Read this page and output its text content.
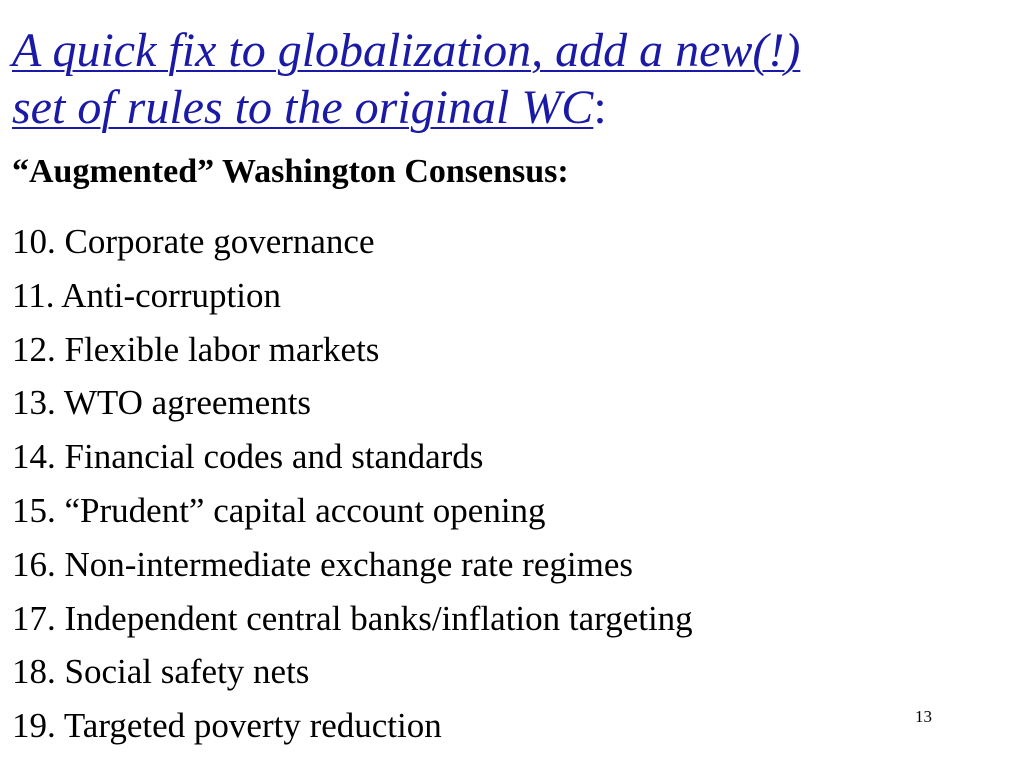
A quick fix to globalization, add a new(!)
set of rules to the original WC:
“Augmented” Washington Consensus:
10. Corporate governance
11. Anti-corruption
12. Flexible labor markets
13. WTO agreements
14. Financial codes and standards
15. “Prudent” capital account opening
16. Non-intermediate exchange rate regimes
17. Independent central banks/inflation targeting
18. Social safety nets
19. Targeted poverty reduction	13
